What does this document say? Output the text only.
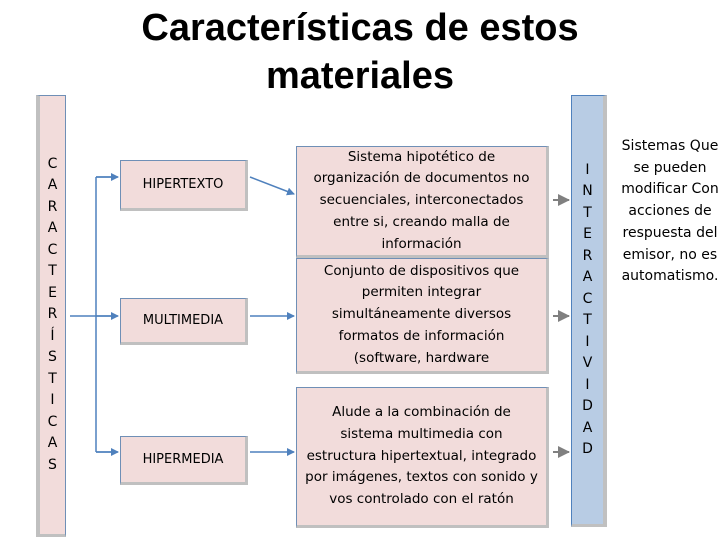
Características de estos materiales
C
A
R
A
C
T
E
R
Í
S
T
I
C
A
S
HIPERTEXTO
MULTIMEDIA
HIPERMEDIA
Sistema hipotético de organización de documentos no secuenciales, interconectados entre si, creando malla de información
Conjunto de dispositivos que permiten integrar simultáneamente diversos formatos de información (software, hardware
Alude a la combinación de sistema multimedia con estructura hipertextual, integrado por imágenes, textos con sonido y vos controlado con el ratón
I
N
T
E
R
A
C
T
I
V
I
D
A
D
Sistemas Que se pueden modificar Con acciones de respuesta del emisor, no es automatismo.
